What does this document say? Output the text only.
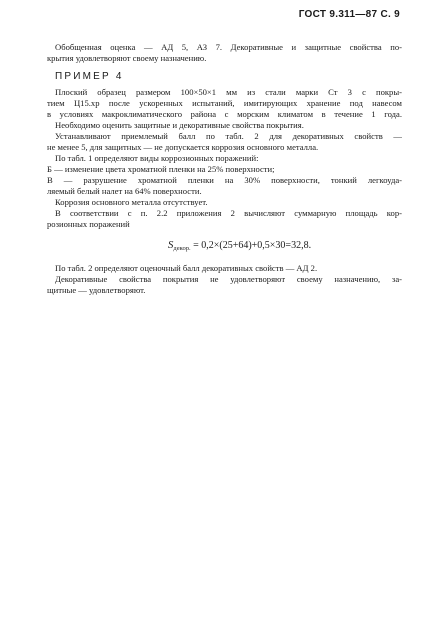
ГОСТ 9.311—87 С. 9
Обобщенная оценка — АД 5, АЗ 7. Декоративные и защитные свойства по-
крытия удовлетворяют своему назначению.
ПРИМЕР 4
Плоский образец размером 100×50×1 мм из стали марки Ст 3 с покры-
тием Ц15.хр после ускоренных испытаний, имитирующих хранение под навесом
в условиях макроклиматического района с морским климатом в течение 1 года.
Необходимо оценить защитные и декоративные свойства покрытия.
Устанавливают приемлемый балл по табл. 2 для декоративных свойств —
не менее 5, для защитных — не допускается коррозия основного металла.
По табл. 1 определяют виды коррозионных поражений:
Б — изменение цвета хроматной пленки на 25% поверхности;
В — разрушение хроматной пленки на 30% поверхности, тонкий легкоуда-
ляемый белый налет на 64% поверхности.
Коррозия основного металла отсутствует.
В соответствии с п. 2.2 приложения 2 вычисляют суммарную площадь кор-
розионных поражений
$S_{декор.} = 0,2\times(25+64)+0,5\times 30=32,8$.
По табл. 2 определяют оценочный балл декоративных свойств — АД 2.
Декоративные свойства покрытия не удовлетворяют своему назначению, за-
щитные — удовлетворяют.
